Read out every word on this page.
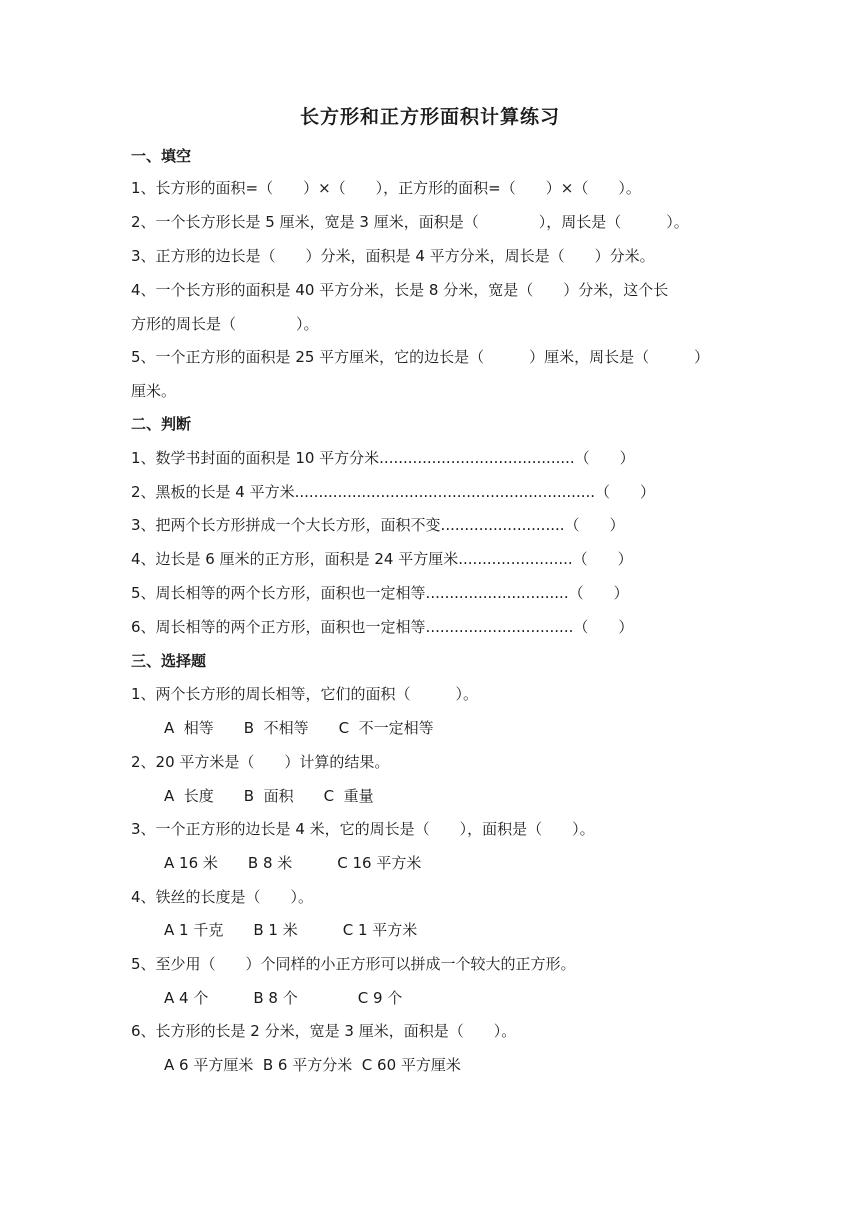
长方形和正方形面积计算练习
一、填空
1、长方形的面积=（　　）×（　　），正方形的面积=（　　）×（　　）。
2、一个长方形长是 5 厘米，宽是 3 厘米，面积是（　　　　），周长是（　　　）。
3、正方形的边长是（　　）分米，面积是 4 平方分米，周长是（　　）分米。
4、一个长方形的面积是 40 平方分米，长是 8 分米，宽是（　　）分米，这个长
方形的周长是（　　　　）。
5、一个正方形的面积是 25 平方厘米，它的边长是（　　　）厘米，周长是（　　　）
厘米。
二、判断
1、数学书封面的面积是 10 平方分米.........................................（　　）
2、黑板的长是 4 平方米...............................................................（　　）
3、把两个长方形拼成一个大长方形，面积不变..........................（　　）
4、边长是 6 厘米的正方形，面积是 24 平方厘米........................（　　）
5、周长相等的两个长方形，面积也一定相等..............................（　　）
6、周长相等的两个正方形，面积也一定相等...............................（　　）
三、选择题
1、两个长方形的周长相等，它们的面积（　　　）。
A  相等　　B  不相等　　C  不一定相等
2、20 平方米是（　　）计算的结果。
A  长度　　B  面积　　C  重量
3、一个正方形的边长是 4 米，它的周长是（　　），面积是（　　）。
A 16 米　　B 8 米　　　C 16 平方米
4、铁丝的长度是（　　）。
A 1 千克　　B 1 米　　　C 1 平方米
5、至少用（　　）个同样的小正方形可以拼成一个较大的正方形。
A 4 个　　　B 8 个　　　　C 9 个
6、长方形的长是 2 分米，宽是 3 厘米，面积是（　　）。
A 6 平方厘米  B 6 平方分米  C 60 平方厘米
